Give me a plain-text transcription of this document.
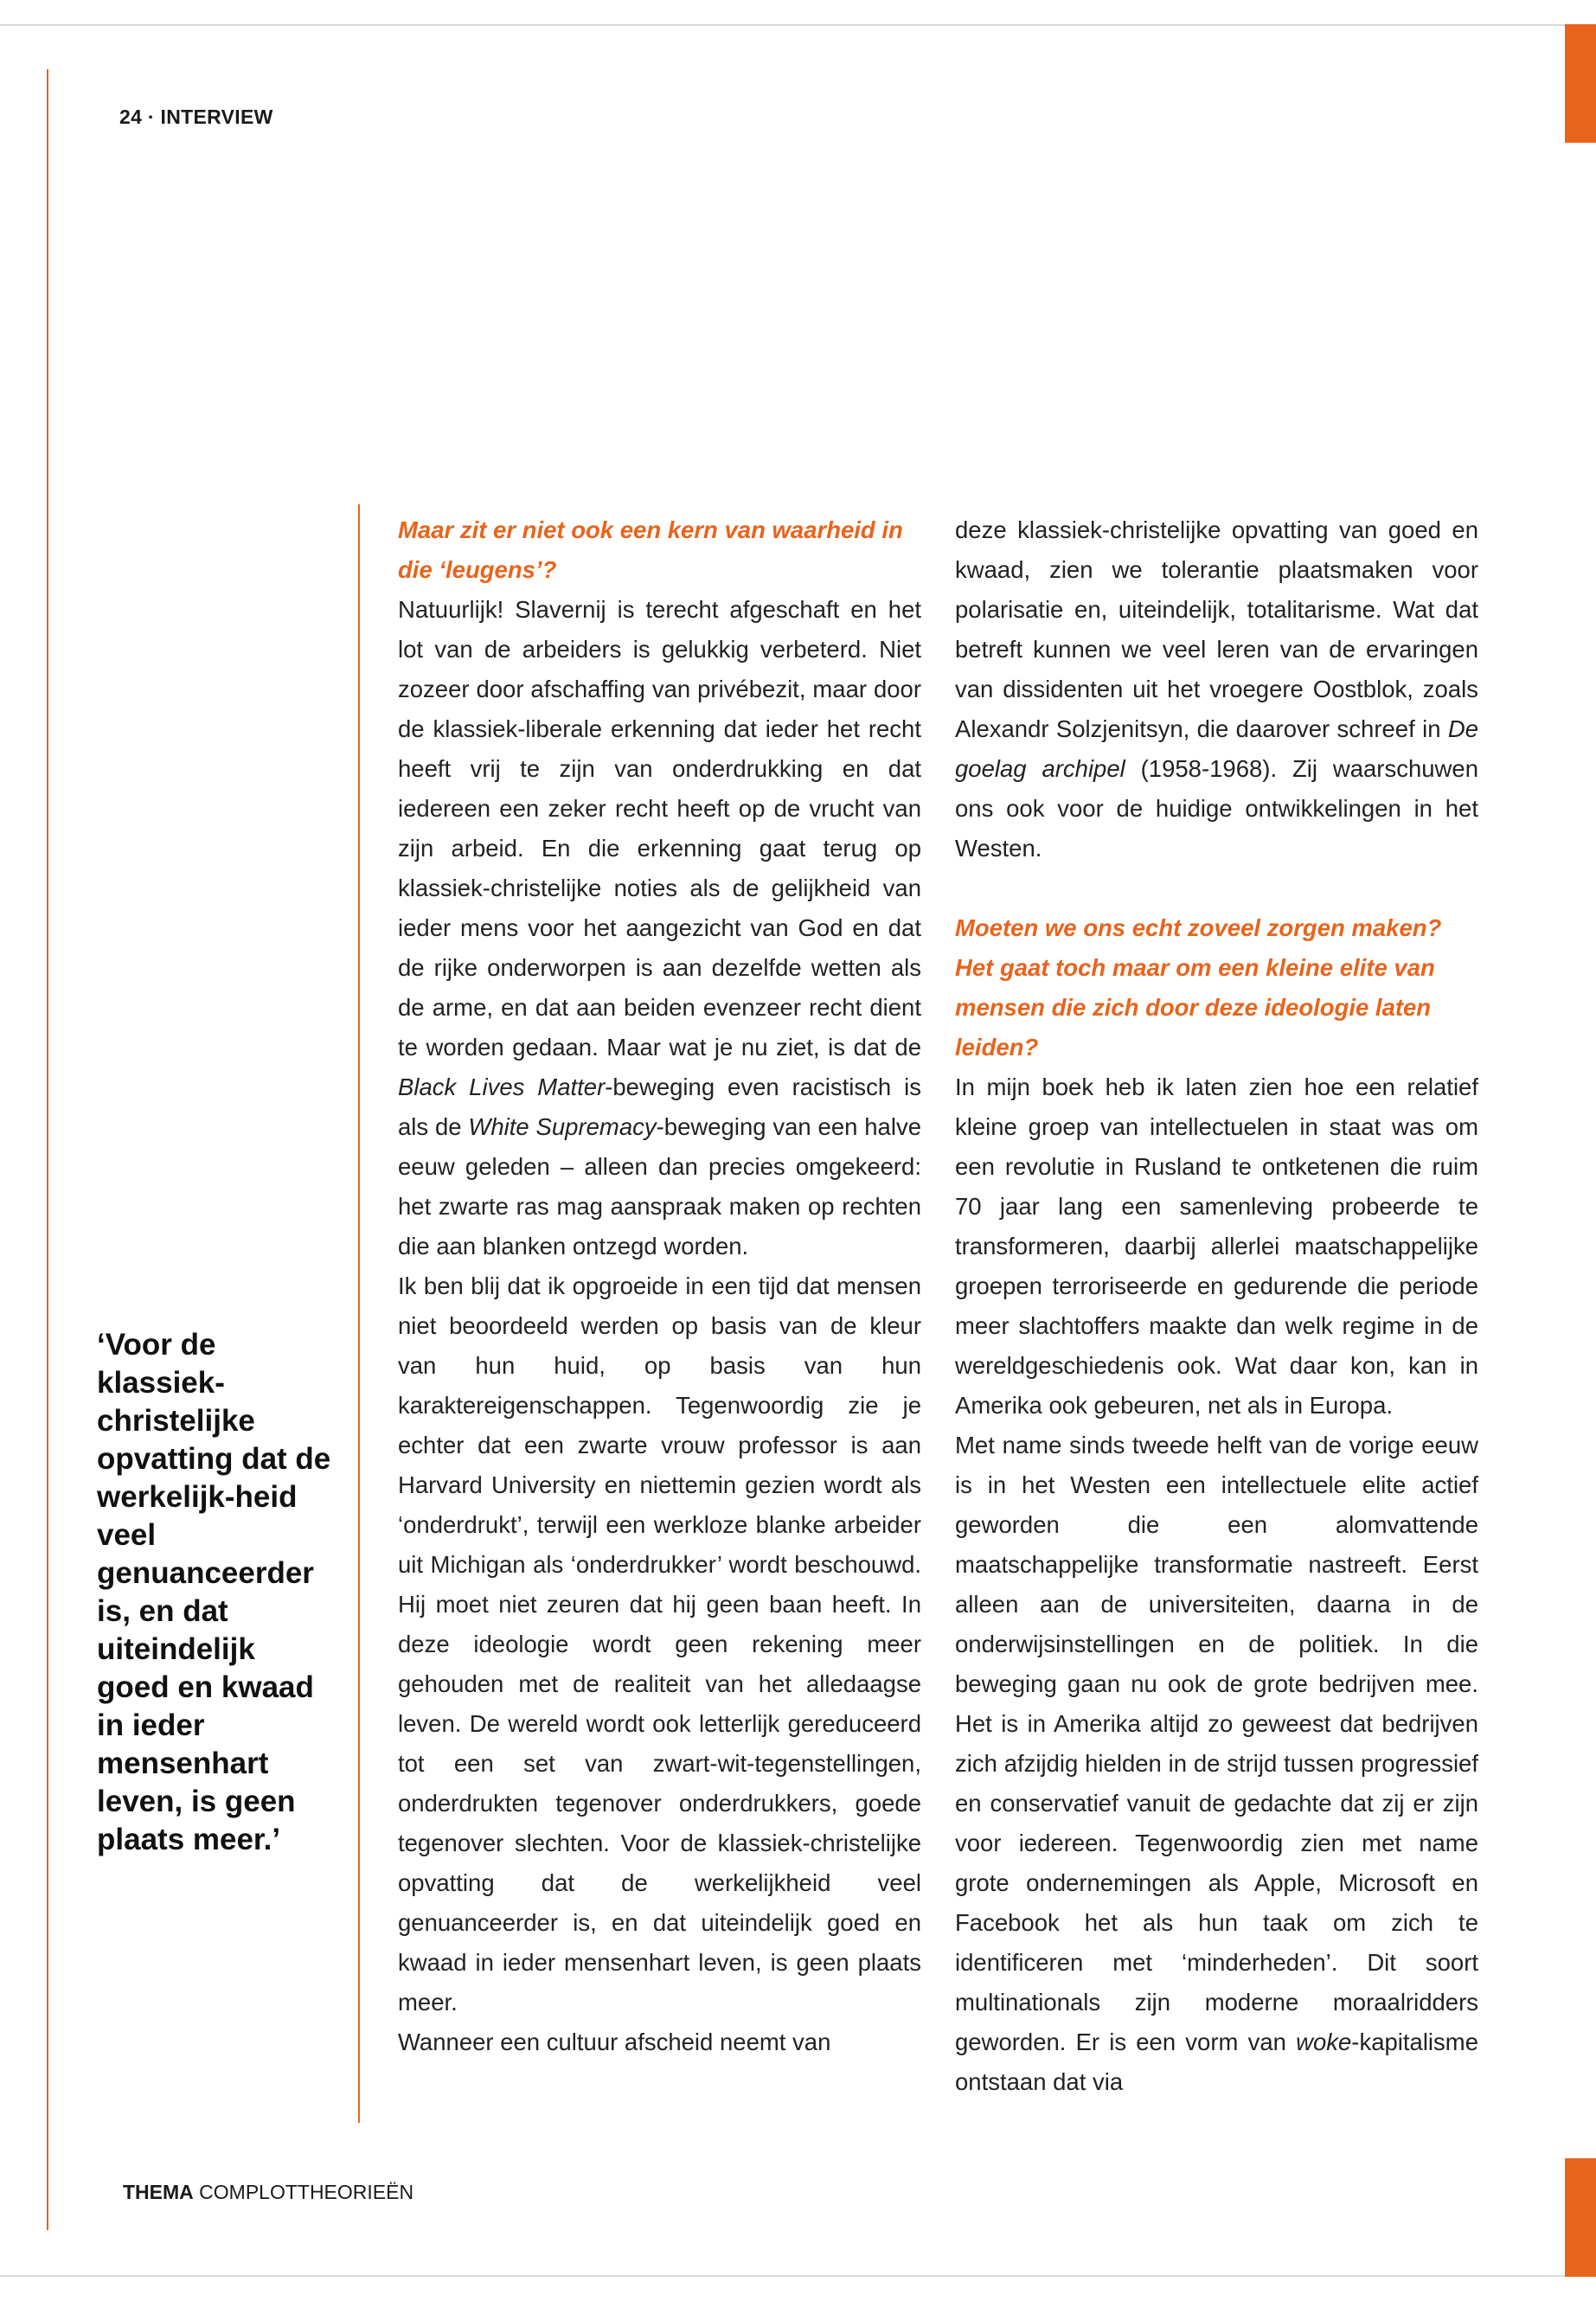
24 · INTERVIEW
‘Voor de klassiek-christelijke opvatting dat de werkelijk-heid veel genuanceerder is, en dat uiteindelijk goed en kwaad in ieder mensenhart leven, is geen plaats meer.’

Maar zit er niet ook een kern van waarheid in die ‘leugens’?

Natuurlijk! Slavernij is terecht afgeschaft en het lot van de arbeiders is gelukkig verbeterd. Niet zozeer door afschaffing van privébezit, maar door de klassiek-liberale erkenning dat ieder het recht heeft vrij te zijn van onderdrukking en dat iedereen een zeker recht heeft op de vrucht van zijn arbeid. En die erkenning gaat terug op klassiek-christelijke noties als de gelijkheid van ieder mens voor het aangezicht van God en dat de rijke onderworpen is aan dezelfde wetten als de arme, en dat aan beiden evenzeer recht dient te worden gedaan. Maar wat je nu ziet, is dat de Black Lives Matter-beweging even racistisch is als de White Supremacy-beweging van een halve eeuw geleden – alleen dan precies omgekeerd: het zwarte ras mag aanspraak maken op rechten die aan blanken ontzegd worden.

Ik ben blij dat ik opgroeide in een tijd dat mensen niet beoordeeld werden op basis van de kleur van hun huid, op basis van hun karaktereigenschappen. Tegenwoordig zie je echter dat een zwarte vrouw professor is aan Harvard University en niettemin gezien wordt als ‘onderdrukt’, terwijl een werkloze blanke arbeider uit Michigan als ‘onderdrukker’ wordt beschouwd. Hij moet niet zeuren dat hij geen baan heeft. In deze ideologie wordt geen rekening meer gehouden met de realiteit van het alledaagse leven. De wereld wordt ook letterlijk gereduceerd tot een set van zwart-wit-tegenstellingen, onderdrukten tegenover onderdrukkers, goede tegenover slechten. Voor de klassiek-christelijke opvatting dat de werkelijkheid veel genuanceerder is, en dat uiteindelijk goed en kwaad in ieder mensenhart leven, is geen plaats meer.

Wanneer een cultuur afscheid neemt van

deze klassiek-christelijke opvatting van goed en kwaad, zien we tolerantie plaatsmaken voor polarisatie en, uiteindelijk, totalitarisme. Wat dat betreft kunnen we veel leren van de ervaringen van dissidenten uit het vroegere Oostblok, zoals Alexandr Solzjenitsyn, die daarover schreef in De goelag archipel (1958-1968). Zij waarschuwen ons ook voor de huidige ontwikkelingen in het Westen.

Moeten we ons echt zoveel zorgen maken? Het gaat toch maar om een kleine elite van mensen die zich door deze ideologie laten leiden?

In mijn boek heb ik laten zien hoe een relatief kleine groep van intellectuelen in staat was om een revolutie in Rusland te ontketenen die ruim 70 jaar lang een samenleving probeerde te transformeren, daarbij allerlei maatschappelijke groepen terroriseerde en gedurende die periode meer slachtoffers maakte dan welk regime in de wereldgeschiedenis ook. Wat daar kon, kan in Amerika ook gebeuren, net als in Europa.

Met name sinds tweede helft van de vorige eeuw is in het Westen een intellectuele elite actief geworden die een alomvattende maatschappelijke transformatie nastreeft. Eerst alleen aan de universiteiten, daarna in de onderwijsinstellingen en de politiek. In die beweging gaan nu ook de grote bedrijven mee. Het is in Amerika altijd zo geweest dat bedrijven zich afzijdig hielden in de strijd tussen progressief en conservatief vanuit de gedachte dat zij er zijn voor iedereen. Tegenwoordig zien met name grote ondernemingen als Apple, Microsoft en Facebook het als hun taak om zich te identificeren met ‘minderheden’. Dit soort multinationals zijn moderne moraalridders geworden. Er is een vorm van woke-kapitalisme ontstaan dat via

THEMA COMPLOTTHEORIEËN
